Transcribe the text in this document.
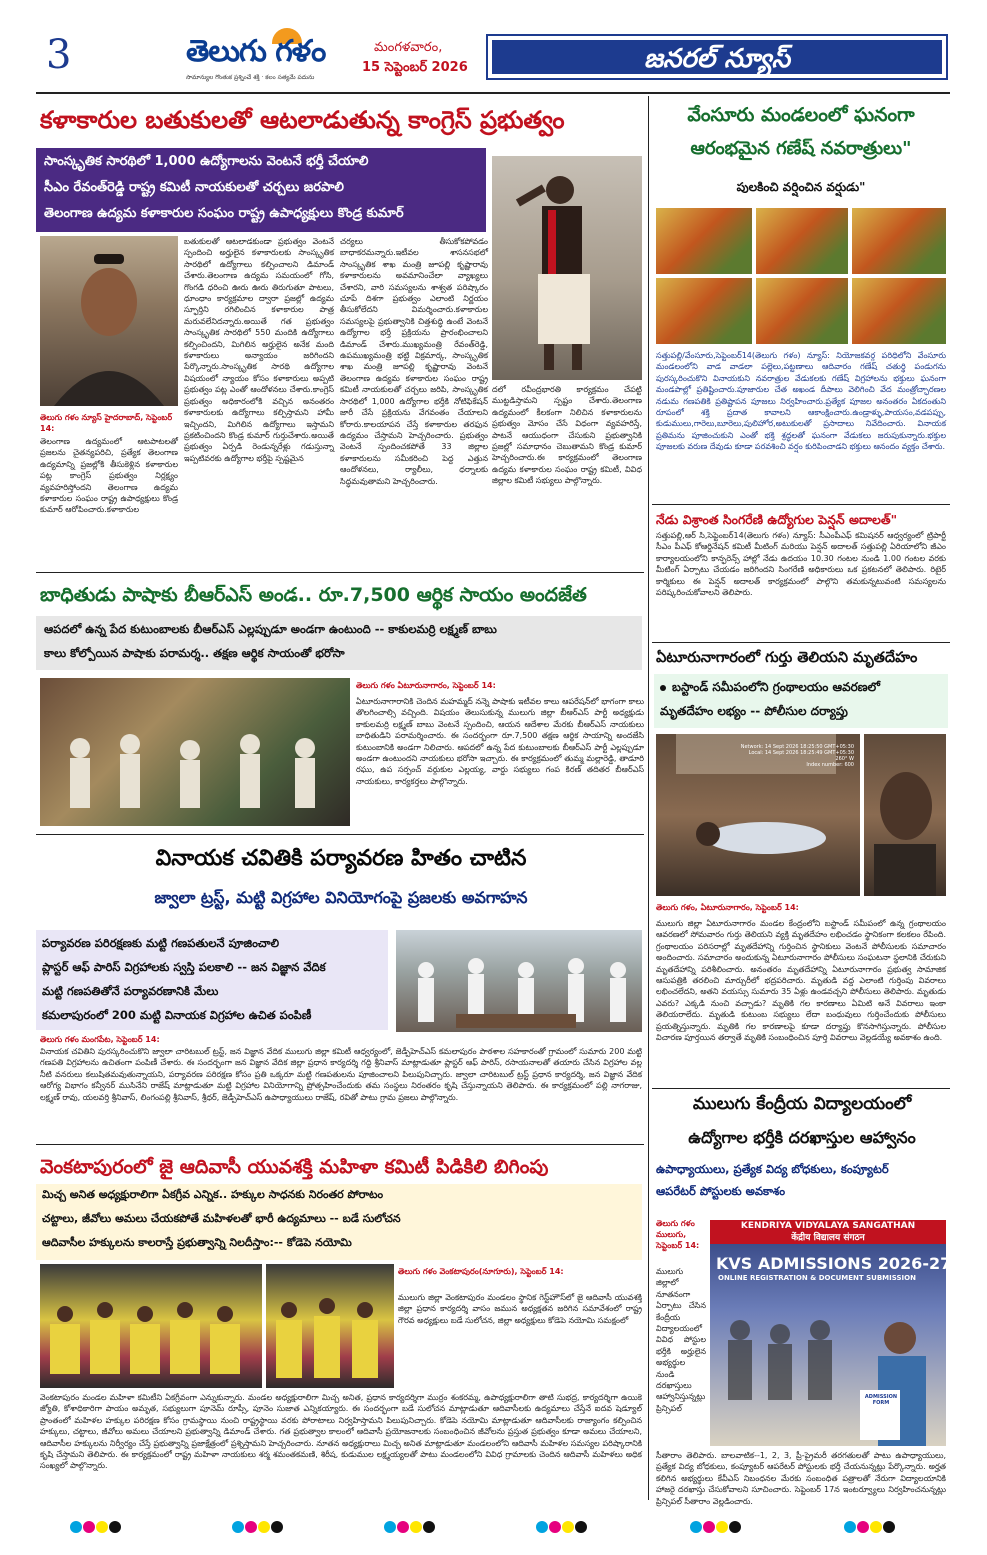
3	తెలుగు గళం
సామాన్యుల గొంతుక ప్రశ్నించే శక్తి · కలం సత్యమే పదును
మంగళవారం,
15 సెప్టెంబర్ 2026	జనరల్ న్యూస్
కళాకారుల బతుకులతో ఆటలాడుతున్న కాంగ్రెస్ ప్రభుత్వం
సాంస్కృతిక సారథిలో 1,000 ఉద్యోగాలను వెంటనే భర్తీ చేయాలి
సీఎం రేవంత్‌రెడ్డి రాష్ట్ర కమిటీ నాయకులతో చర్చలు జరపాలి
తెలంగాణ ఉద్యమ కళాకారుల సంఘం రాష్ట్ర ఉపాధ్యక్షులు కొండ్ర కుమార్
తెలుగు గళం న్యూస్ హైదరాబాద్, సెప్టెంబర్ 14:
తెలంగాణ ఉద్యమంలో ఆటపాటలతో ప్రజలను చైతన్యపరిచి, ప్రత్యేక తెలంగాణ ఉద్యమాన్ని ప్రజల్లోకి తీసుకెళ్లిన కళాకారుల పట్ల కాంగ్రెస్ ప్రభుత్వం నిర్లక్ష్యం వ్యవహరిస్తోందని తెలంగాణ ఉద్యమ కళాకారుల సంఘం రాష్ట్ర ఉపాధ్యక్షులు కొండ్ర కుమార్ ఆరోపించారు.కళాకారుల
బతుకులతో ఆటలాడకుండా ప్రభుత్వం వెంటనే స్పందించి అర్హులైన కళాకారులకు సాంస్కృతిక సారథిలో ఉద్యోగాలు కల్పించాలని డిమాండ్ చేశారు.తెలంగాణ ఉద్యమ సమయంలో గోసి, గొంగడి ధరించి ఊరు ఊరు తిరుగుతూ పాటలు, ధూంధాం కార్యక్రమాల ద్వారా ప్రజల్లో ఉద్యమ స్ఫూర్తిని రగిలించిన కళాకారుల పాత్ర మరువలేనిదన్నారు.అయితే గత ప్రభుత్వం సాంస్కృతిక సారథిలో 550 మందికి ఉద్యోగాలు కల్పించిందని, మిగిలిన అర్హులైన అనేక మంది కళాకారులు అన్యాయం జరిగిందని పేర్కొన్నారు.సాంస్కృతిక సారథి ఉద్యోగాల విషయంలో న్యాయం కోసం కళాకారులు అప్పటి ప్రభుత్వం పట్ల ఎంతో ఆందోళనలు చేశారు.కాంగ్రెస్ ప్రభుత్వం అధికారంలోకి వచ్చిన అనంతరం కళాకారులకు ఉద్యోగాలు కల్పిస్తామని హామీ ఇచ్చిందని, మిగిలిన ఉద్యోగాలు ఇస్తామని ప్రకటించిందని కొండ్ర కుమార్ గుర్తుచేశారు.అయితే ప్రభుత్వం ఏర్పడి రెండున్నరేళ్లు గడుస్తున్నా ఇప్పటివరకు ఉద్యోగాల భర్తీపై స్పష్టమైన
చర్యలు తీసుకోకపోవడం బాధాకరమన్నారు.ఇటీవల శాసనసభలో సాంస్కృతిక శాఖ మంత్రి జూపల్లి కృష్ణారావు కళాకారులను అవమానించేలా వ్యాఖ్యలు చేశారని, వారి సమస్యలను శాశ్వత పరిష్కారం చూపే దిశగా ప్రభుత్వం ఎలాంటి నిర్ణయం తీసుకోలేదని విమర్శించారు.కళాకారుల సమస్యలపై ప్రభుత్వానికి చిత్తశుద్ధి ఉంటే వెంటనే ఉద్యోగాల భర్తీ ప్రక్రియను ప్రారంభించాలని డిమాండ్ చేశారు.ముఖ్యమంత్రి రేవంత్‌రెడ్డి, ఉపముఖ్యమంత్రి భట్టి విక్రమార్క, సాంస్కృతిక శాఖ మంత్రి జూపల్లి కృష్ణారావు వెంటనే తెలంగాణ ఉద్యమ కళాకారుల సంఘం రాష్ట్ర కమిటీ నాయకులతో చర్చలు జరిపి, సాంస్కృతిక సారథిలో 1,000 ఉద్యోగాల భర్తీకి నోటిఫికేషన్ జారీ చేసే ప్రక్రియను వేగవంతం చేయాలని కోరారు.కాలయాపన చేస్తే కళాకారుల తరఫున ఉద్యమం చేస్తామని హెచ్చరించారు. ప్రభుత్వం వెంటనే స్పందించకపోతే 33 జిల్లాల కళాకారులను సమీకరించి పెద్ద ఎత్తున ఆందోళనలు, ర్యాలీలు, ధర్నాలకు సిద్ధమవుతామని హెచ్చరించారు.
దలో రవీంద్రభారతి కార్యక్రమం చేపట్టి ముట్టడిస్తామని స్పష్టం చేశారు.తెలంగాణ ఉద్యమంలో కీలకంగా నిలిచిన కళాకారులను ప్రభుత్వం మోసం చేసే విధంగా వ్యవహరిస్తే, పాటనే ఆయుధంగా చేసుకుని ప్రభుత్వానికి ప్రజల్లో సమాధానం చెబుతామని కొండ్ర కుమార్ హెచ్చరించారు.ఈ కార్యక్రమంలో తెలంగాణ ఉద్యమ కళాకారుల సంఘం రాష్ట్ర కమిటీ, వివిధ జిల్లాల కమిటీ సభ్యులు పాల్గొన్నారు.
బాధితుడు పాషాకు బీఆర్ఎస్ అండ.. రూ.7,500 ఆర్థిక సాయం అందజేత
ఆపదలో ఉన్న పేద కుటుంబాలకు బీఆర్ఎస్ ఎల్లప్పుడూ అండగా ఉంటుంది -- కాకులమర్రి లక్ష్మణ్ బాబు
కాలు కోల్పోయిన పాషాకు పరామర్శ.. తక్షణ ఆర్థిక సాయంతో భరోసా
తెలుగు గళం ఏటూరునాగారం, సెప్టెంబర్ 14:
ఏటూరునాగారానికి చెందిన మహమ్మద్ నన్నె పాషాకు ఇటీవల కాలు ఆపరేషన్‌లో భాగంగా కాలు తొలగించాల్సి వచ్చింది. విషయం తెలుసుకున్న ములుగు జిల్లా బీఆర్ఎస్ పార్టీ అధ్యక్షుడు కాకులమర్రి లక్ష్మణ్ బాబు వెంటనే స్పందించి, ఆయన ఆదేశాల మేరకు బీఆర్ఎస్ నాయకులు బాధితుడిని పరామర్శించారు. ఈ సందర్భంగా రూ.7,500 తక్షణ ఆర్థిక సాయాన్ని అందజేసి కుటుంబానికి అండగా నిలిచారు. ఆపదలో ఉన్న పేద కుటుంబాలకు బీఆర్ఎస్ పార్టీ ఎల్లప్పుడూ అండగా ఉంటుందని నాయకులు భరోసా ఇచ్చారు. ఈ కార్యక్రమంలో తుమ్మ మల్లారెడ్డి, తాడూరి రఘు, ఉప సర్పంచ్ వర్గుకుల ఎల్లయ్య, వార్డు సభ్యులు గంప కిరణ్ తదితర బీఆర్ఎస్ నాయకులు, కార్యకర్తలు పాల్గొన్నారు.
వినాయక చవితికి పర్యావరణ హితం చాటిన
జ్వాలా ట్రస్ట్, మట్టి విగ్రహాల వినియోగంపై ప్రజలకు అవగాహన
పర్యావరణ పరిరక్షణకు మట్టి గణపతులనే పూజించాలి
ప్లాస్టర్ ఆఫ్ పారిస్ విగ్రహాలకు స్వస్తి పలకాలి -- జన విజ్ఞాన వేదిక
మట్టి గణపతితోనే పర్యావరణానికి మేలు
కమలాపురంలో 200 మట్టి వినాయక విగ్రహాల ఉచిత పంపిణీ
తెలుగు గళం మంగపేట, సెప్టెంబర్ 14:
వినాయక చవితిని పురస్కరించుకొని జ్వాలా చారిటబుల్ ట్రస్ట్, జన విజ్ఞాన వేదిక ములుగు జిల్లా కమిటీ ఆధ్వర్యంలో, జెడ్పీహెచ్ఎస్ కమలాపురం పాఠశాల సహకారంతో గ్రామంలో సుమారు 200 మట్టి గణపతి విగ్రహాలను ఉచితంగా పంపిణీ చేశారు. ఈ సందర్భంగా జన విజ్ఞాన వేదిక జిల్లా ప్రధాన కార్యదర్శి గద్ది శ్రీనివాస్ మాట్లాడుతూ ప్లాస్టర్ ఆఫ్ పారిస్, రసాయనాలతో తయారు చేసిన విగ్రహాల వల్ల నీటి వనరులు కలుషితమవుతున్నాయని, పర్యావరణ పరిరక్షణ కోసం ప్రతి ఒక్కరూ మట్టి గణపతులను పూజించాలని పిలుపునిచ్చారు. జ్వాలా చారిటబుల్ ట్రస్ట్ ప్రధాన కార్యదర్శి, జన విజ్ఞాన వేదిక ఆరోగ్య విభాగం కన్వీనర్ ముసినేని రాజేష్ మాట్లాడుతూ మట్టి విగ్రహాల వినియోగాన్ని ప్రోత్సహించేందుకు తమ సంస్థలు నిరంతరం కృషి చేస్తున్నాయని తెలిపారు. ఈ కార్యక్రమంలో పల్లి నాగరాజు, లక్ష్మణ్ రావు, యలవర్తి శ్రీనివాస్, లింగంపల్లి శ్రీనివాస్, శ్రీధర్, జెడ్పీహెచ్ఎస్ ఉపాధ్యాయులు రాజేష్, రవితో పాటు గ్రామ ప్రజలు పాల్గొన్నారు.
వెంకటాపురంలో జై ఆదివాసీ యువశక్తి మహిళా కమిటీ పిడికిలి బిగింపు
మిచ్చ అనిత అధ్యక్షురాలిగా ఏకగ్రీవ ఎన్నిక.. హక్కుల సాధనకు నిరంతర పోరాటం
చట్టాలు, జీవోలు అమలు చేయకపోతే మహిళలతో భారీ ఉద్యమాలు -- బడే సులోచన
ఆదివాసీల హక్కులను కాలరాస్తే ప్రభుత్వాన్ని నిలదీస్తాం:-- కోడెపె నయోమి
తెలుగు గళం వెంకటాపురం(నూగూరు), సెప్టెంబర్ 14:
ములుగు జిల్లా వెంకటాపురం మండలం స్థానిక గెస్ట్‌హౌస్‌లో జై ఆదివాసీ యువశక్తి జిల్లా ప్రధాన కార్యదర్శి వాసం జమున అధ్యక్షతన జరిగిన సమావేశంలో రాష్ట్ర గౌరవ అధ్యక్షులు బడే సులోచన, జిల్లా అధ్యక్షులు కోడెపె నయోమి సమక్షంలో
వెంకటాపురం మండల మహిళా కమిటీని ఏకగ్రీవంగా ఎన్నుకున్నారు. మండల అధ్యక్షురాలిగా మిచ్చ అనిత, ప్రధాన కార్యదర్శిగా ముర్రం శంకరమ్మ, ఉపాధ్యక్షురాలిగా తాటి సుభద్ర, కార్యదర్శిగా ఉయికె జ్యోతి, కోశాధికారిగా పాయం అమృత, సభ్యులుగా పూనెమ్ రూప్సీ, పూనెం సుజాత ఎన్నికయ్యారు. ఈ సందర్భంగా బడే సులోచన మాట్లాడుతూ ఆదివాసీలకు ఉద్యమాలు చేస్తేనే ఐదవ షెడ్యూల్ ప్రాంతంలో మహిళల హక్కుల పరిరక్షణ కోసం గ్రామస్థాయి నుంచి రాష్ట్రస్థాయి వరకు పోరాటాలు నిర్వహిస్తామని పిలుపునిచ్చారు. కోడెపె నయోమి మాట్లాడుతూ ఆదివాసీలకు రాజ్యాంగం కల్పించిన హక్కులు, చట్టాలు, జీవోలు అమలు చేయాలని ప్రభుత్వాన్ని డిమాండ్ చేశారు. గత ప్రభుత్వాల కాలంలో ఆదివాసీ ప్రయోజనాలకు సంబంధించిన జీవోలను ప్రస్తుత ప్రభుత్వం కూడా అమలు చేయాలని, ఆదివాసీల హక్కులను నిర్వీర్యం చేస్తే ప్రభుత్వాన్ని ప్రజాక్షేత్రంలో ప్రశ్నిస్తామని హెచ్చరించారు. నూతన అధ్యక్షురాలు మిచ్చ అనిత మాట్లాడుతూ మండలంలోని ఆదివాసీ మహిళల సమస్యల పరిష్కారానికి కృషి చేస్తామని తెలిపారు. ఈ కార్యక్రమంలో రాష్ట్ర మహిళా నాయకులు శర్మ శమంతకమణి, శిరీష, కుడుముల లక్ష్మయ్యలతో పాటు మండలంలోని వివిధ గ్రామాలకు చెందిన ఆదివాసీ మహిళలు అధిక సంఖ్యలో పాల్గొన్నారు.
వేంసూరు మండలంలో ఘనంగా
ఆరంభమైన గణేష్ నవరాత్రులు"
పులకించి వర్షించిన వర్షుడు"
సత్తుపల్లి/వేంసూరు,సెప్టెంబర్14(తెలుగు గళం) న్యూస్: నియోజకవర్గ పరిధిలోని వేంసూరు మండలంలోని వాడ వాడలా పల్లెలు,పట్టణాలు ఆదివారం గణేష్ చతుర్థి పండుగను పురస్కరించుకొని వినాయకుని నవరాత్రుల వేడుకలకు గణేష్ విగ్రహాలను భక్తులు ఘనంగా మండపాల్లో ప్రతిష్టించారు.పూజారుల చేత అఖండ దీపాలు వెలిగించి వేద మంత్రోచ్ఛారణల నడుమ గణపతికి ప్రతిష్టాపన పూజలు నిర్వహించారు.ప్రత్యేక పూజల అనంతరం ఏకదంతుని రూపంలో శక్తి ప్రదాత కావాలని ఆకాంక్షించారు.ఉండ్రాళ్ళు,పాయసం,వడపప్పు, కుడుములు,గారెలు,బూరెలు,పులిహోర,అటుకులతో ప్రసాదాలు నివేదించారు. వినాయక ప్రతిమను పూజించుకుని ఎంతో భక్తి శ్రద్ధలతో ఘనంగా వేడుకలు జరుపుకున్నారు.భక్తుల పూజలకు వరుణ దేవుడు కూడా పరవశించి వర్షం కురిపించాడని భక్తులు ఆనందం వ్యక్తం చేశారు.
నేడు విశ్రాంత సింగరేణి ఉద్యోగుల పెన్షన్ అదాలత్"
సత్తుపల్లి,ఆర్ సి,సెప్టెంబర్14(తెలుగు గళం) న్యూస్: సీఎంపీఎఫ్ కమిషనర్ ఆధ్వర్యంలో ట్రిపార్టీ సీఎం పీఎఫ్ కోఆర్డినేషన్ కమిటీ మీటింగ్ మరియు పెన్షన్ అదాలత్ సత్తుపల్లి ఏరియాలోని జీఎం కార్యాలయంలోని కాన్ఫరెన్స్ హాల్లో నేడు ఉదయం 10.30 గంటల నుండి 1.00 గంటల వరకు మీటింగ్ ఏర్పాటు చేయడం జరిగిందని సింగరేణి అధికారులు ఒక ప్రకటనలో తెలిపారు. రిటైర్ కార్మికులు ఈ పెన్షన్ అదాలత్ కార్యక్రమంలో పాల్గొని తమకున్నటువంటి సమస్యలను పరిష్కరించుకోవాలని తెలిపారు.
ఏటూరునాగారంలో గుర్తు తెలియని మృతదేహం
బస్టాండ్ సమీపంలోని గ్రంథాలయం ఆవరణలో
మృతదేహం లభ్యం -- పోలీసుల దర్యాప్తు
Network: 14 Sept 2026 18:25:50 GMT+05:30
Local: 14 Sept 2026 18:25:49 GMT+05:30
260° W
Index number: 600
తెలుగు గళం, ఏటూరునాగారం, సెప్టెంబర్ 14:
ములుగు జిల్లా ఏటూరునాగారం మండల కేంద్రంలోని బస్టాండ్ సమీపంలో ఉన్న గ్రంథాలయం ఆవరణలో సోమవారం గుర్తు తెలియని వ్యక్తి మృతదేహం లభించడం స్థానికంగా కలకలం రేపింది. గ్రంథాలయం పరిసరాల్లో మృతదేహాన్ని గుర్తించిన స్థానికులు వెంటనే పోలీసులకు సమాచారం అందించారు. సమాచారం అందుకున్న ఏటూరునాగారం పోలీసులు సంఘటనా స్థలానికి చేరుకుని మృతదేహాన్ని పరిశీలించారు. అనంతరం మృతదేహాన్ని ఏటూరునాగారం ప్రభుత్వ సామాజిక ఆసుపత్రికి తరలించి మార్చురీలో భద్రపరిచారు. మృతుడి వద్ద ఎలాంటి గుర్తింపు వివరాలు లభించలేదని, అతని వయస్సు సుమారు 35 ఏళ్లు ఉండవచ్చని పోలీసులు తెలిపారు. మృతుడు ఎవరు? ఎక్కడి నుంచి వచ్చాడు? మృతికి గల కారణాలు ఏమిటి అనే వివరాలు ఇంకా తెలియరాలేదు. మృతుడి కుటుంబ సభ్యులు లేదా బంధువులు గుర్తించేందుకు పోలీసులు ప్రయత్నిస్తున్నారు. మృతికి గల కారణాలపై కూడా దర్యాప్తు కొనసాగిస్తున్నారు. పోలీసుల విచారణ పూర్తయిన తర్వాతే మృతికి సంబంధించిన పూర్తి వివరాలు వెల్లడయ్యే అవకాశం ఉంది.
ములుగు కేంద్రీయ విద్యాలయంలో
ఉద్యోగాల భర్తీకి దరఖాస్తుల ఆహ్వానం
ఉపాధ్యాయులు, ప్రత్యేక విద్య బోధకులు, కంప్యూటర్
ఆపరేటర్ పోస్టులకు అవకాశం
తెలుగు గళం ములుగు, సెప్టెంబర్ 14:
ములుగు జిల్లాలో నూతనంగా ఏర్పాటు చేసిన కేంద్రీయ విద్యాలయంలో వివిధ పోస్టుల భర్తీకి అర్హులైన అభ్యర్థుల నుండి దరఖాస్తులు ఆహ్వానిస్తున్నట్లు ప్రిన్సిపల్
KENDRIYA VIDYALAYA SANGATHAN
केंद्रीय विद्यालय संगठन
KVS ADMISSIONS 2026-27
ONLINE REGISTRATION & DOCUMENT SUBMISSION
ADMISSION FORM
సీతారాం తెలిపారు. బాలవాటిక--1, 2, 3, ప్రీ-ప్రైమరీ తరగతులతో పాటు ఉపాధ్యాయులు, ప్రత్యేక విద్య బోధకులు, కంప్యూటర్ ఆపరేటర్ పోస్టులకు భర్తీ చేయనున్నట్లు పేర్కొన్నారు. అర్హత కలిగిన అభ్యర్థులు కేవీఎస్ నిబంధనల మేరకు సంబంధిత పత్రాలతో నేరుగా విద్యాలయానికి హాజరై దరఖాస్తు చేసుకోవాలని సూచించారు. సెప్టెంబర్ 17న ఇంటర్వ్యూలు నిర్వహించనున్నట్లు ప్రిన్సిపల్ సీతారాం వెల్లడించారు.
